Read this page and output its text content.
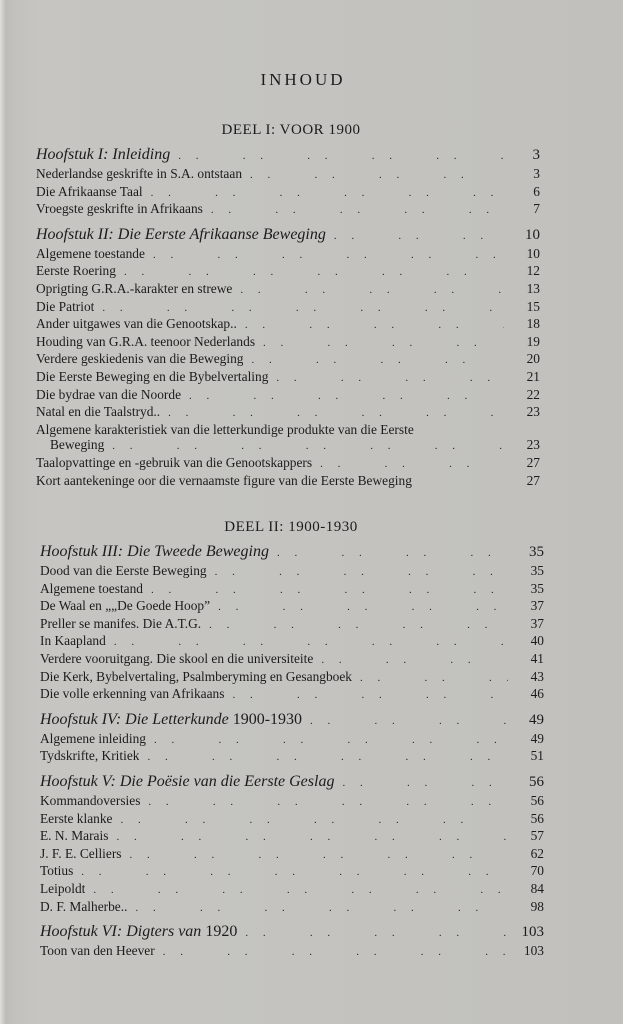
INHOUD
DEEL I: VOOR 1900
Hoofstuk I: Inleiding . .	3
Nederlandse geskrifte in S.A. ontstaan . .	3
Die Afrikaanse Taal . .	6
Vroegste geskrifte in Afrikaans . .	7
Hoofstuk II: Die Eerste Afrikaanse Beweging . .	10
Algemene toestande . .	10
Eerste Roering . .	12
Oprigting G.R.A.-karakter en strewe . .	13
Die Patriot . .	15
Ander uitgawes van die Genootskap.. . .	18
Houding van G.R.A. teenoor Nederlands . .	19
Verdere geskiedenis van die Beweging . .	20
Die Eerste Beweging en die Bybelvertaling . .	21
Die bydrae van die Noorde . .	22
Natal en die Taalstryd.. . .	23
Algemene karakteristiek van die letterkundige produkte van die Eerste
Beweging . .	23
Taalopvattinge en -gebruik van die Genootskappers . .	27
Kort aantekeninge oor die vernaamste figure van die Eerste Beweging	27
DEEL II: 1900-1930
Hoofstuk III: Die Tweede Beweging . .	35
Dood van die Eerste Beweging . .	35
Algemene toestand . .	35
De Waal en „„De Goede Hoop” . .	37
Preller se manifes. Die A.T.G. . .	37
In Kaapland . .	40
Verdere vooruitgang. Die skool en die universiteite . .	41
Die Kerk, Bybelvertaling, Psalmberyming en Gesangboek . .	43
Die volle erkenning van Afrikaans . .	46
Hoofstuk IV: Die Letterkunde 1900-1930 . .	49
Algemene inleiding . .	49
Tydskrifte, Kritiek . .	51
Hoofstuk V: Die Poësie van die Eerste Geslag . .	56
Kommandoversies . .	56
Eerste klanke . .	56
E. N. Marais . .	57
J. F. E. Celliers . .	62
Totius . .	70
Leipoldt . .	84
D. F. Malherbe.. . .	98
Hoofstuk VI: Digters van 1920 . .	103
Toon van den Heever . .	103
